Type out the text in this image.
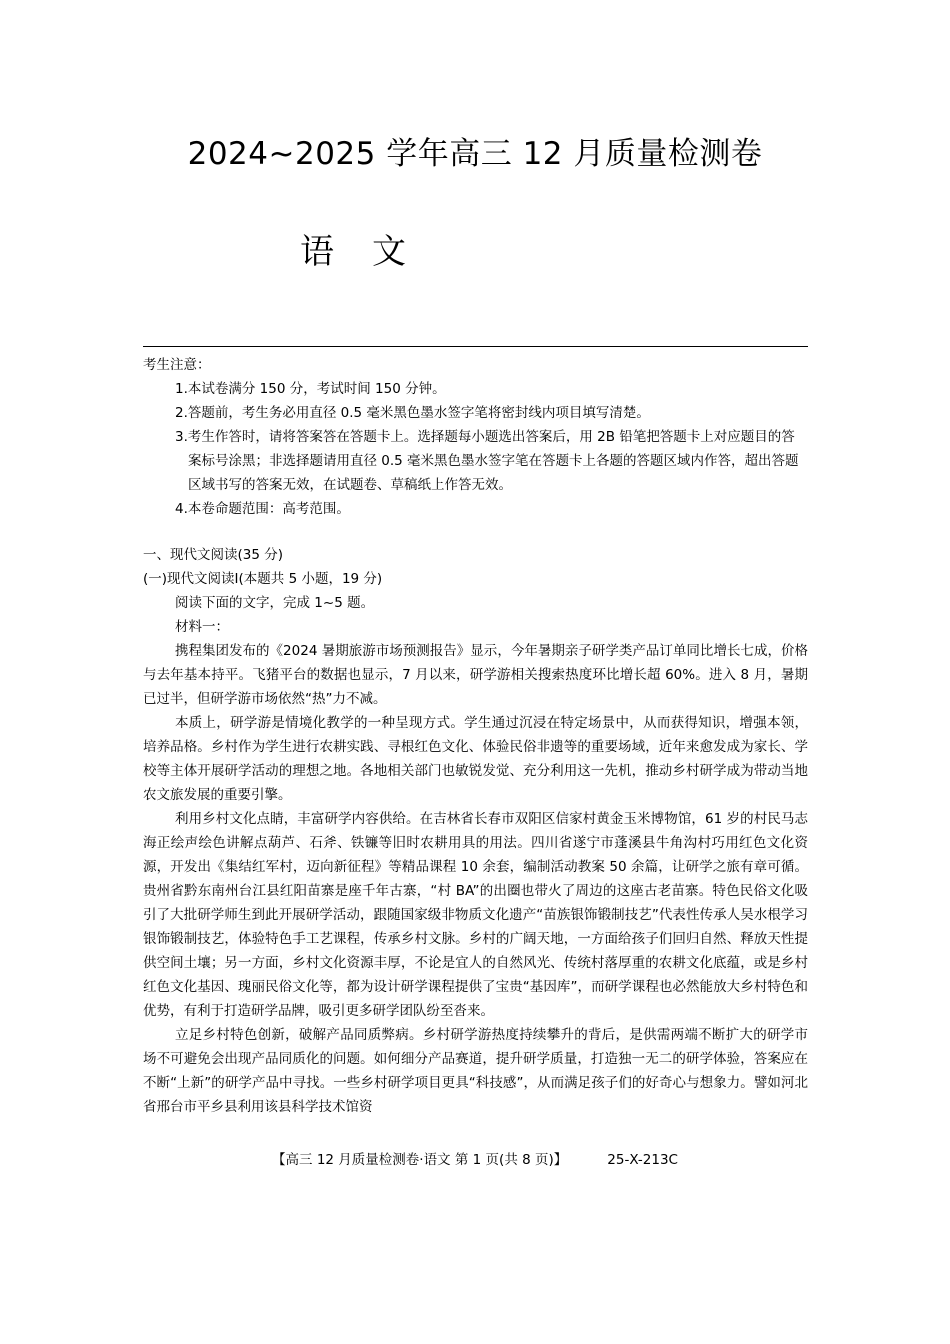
2024~2025 学年高三 12 月质量检测卷
语文

考生注意：

1.本试卷满分 150 分，考试时间 150 分钟。

2.答题前，考生务必用直径 0.5 毫米黑色墨水签字笔将密封线内项目填写清楚。

3.考生作答时，请将答案答在答题卡上。选择题每小题选出答案后，用 2B 铅笔把答题卡上对应题目的答案标号涂黑；非选择题请用直径 0.5 毫米黑色墨水签字笔在答题卡上各题的答题区域内作答，超出答题区域书写的答案无效，在试题卷、草稿纸上作答无效。

4.本卷命题范围：高考范围。

一、现代文阅读(35 分)

(一)现代文阅读Ⅰ(本题共 5 小题，19 分)

阅读下面的文字，完成 1~5 题。

材料一：

携程集团发布的《2024 暑期旅游市场预测报告》显示，今年暑期亲子研学类产品订单同比增长七成，价格与去年基本持平。飞猪平台的数据也显示，7 月以来，研学游相关搜索热度环比增长超 60%。进入 8 月，暑期已过半，但研学游市场依然“热”力不减。

本质上，研学游是情境化教学的一种呈现方式。学生通过沉浸在特定场景中，从而获得知识，增强本领，培养品格。乡村作为学生进行农耕实践、寻根红色文化、体验民俗非遗等的重要场域，近年来愈发成为家长、学校等主体开展研学活动的理想之地。各地相关部门也敏锐发觉、充分利用这一先机，推动乡村研学成为带动当地农文旅发展的重要引擎。

利用乡村文化点睛，丰富研学内容供给。在吉林省长春市双阳区信家村黄金玉米博物馆，61 岁的村民马志海正绘声绘色讲解点葫芦、石斧、铁镰等旧时农耕用具的用法。四川省遂宁市蓬溪县牛角沟村巧用红色文化资源，开发出《集结红军村，迈向新征程》等精品课程 10 余套，编制活动教案 50 余篇，让研学之旅有章可循。贵州省黔东南州台江县红阳苗寨是座千年古寨，“村 BA”的出圈也带火了周边的这座古老苗寨。特色民俗文化吸引了大批研学师生到此开展研学活动，跟随国家级非物质文化遗产“苗族银饰锻制技艺”代表性传承人吴水根学习银饰锻制技艺，体验特色手工艺课程，传承乡村文脉。乡村的广阔天地，一方面给孩子们回归自然、释放天性提供空间土壤；另一方面，乡村文化资源丰厚，不论是宜人的自然风光、传统村落厚重的农耕文化底蕴，或是乡村红色文化基因、瑰丽民俗文化等，都为设计研学课程提供了宝贵“基因库”，而研学课程也必然能放大乡村特色和优势，有利于打造研学品牌，吸引更多研学团队纷至沓来。

立足乡村特色创新，破解产品同质弊病。乡村研学游热度持续攀升的背后，是供需两端不断扩大的研学市场不可避免会出现产品同质化的问题。如何细分产品赛道，提升研学质量，打造独一无二的研学体验，答案应在不断“上新”的研学产品中寻找。一些乡村研学项目更具“科技感”，从而满足孩子们的好奇心与想象力。譬如河北省邢台市平乡县利用该县科学技术馆资

【高三 12 月质量检测卷·语文 第 1 页(共 8 页)】	25-X-213C
